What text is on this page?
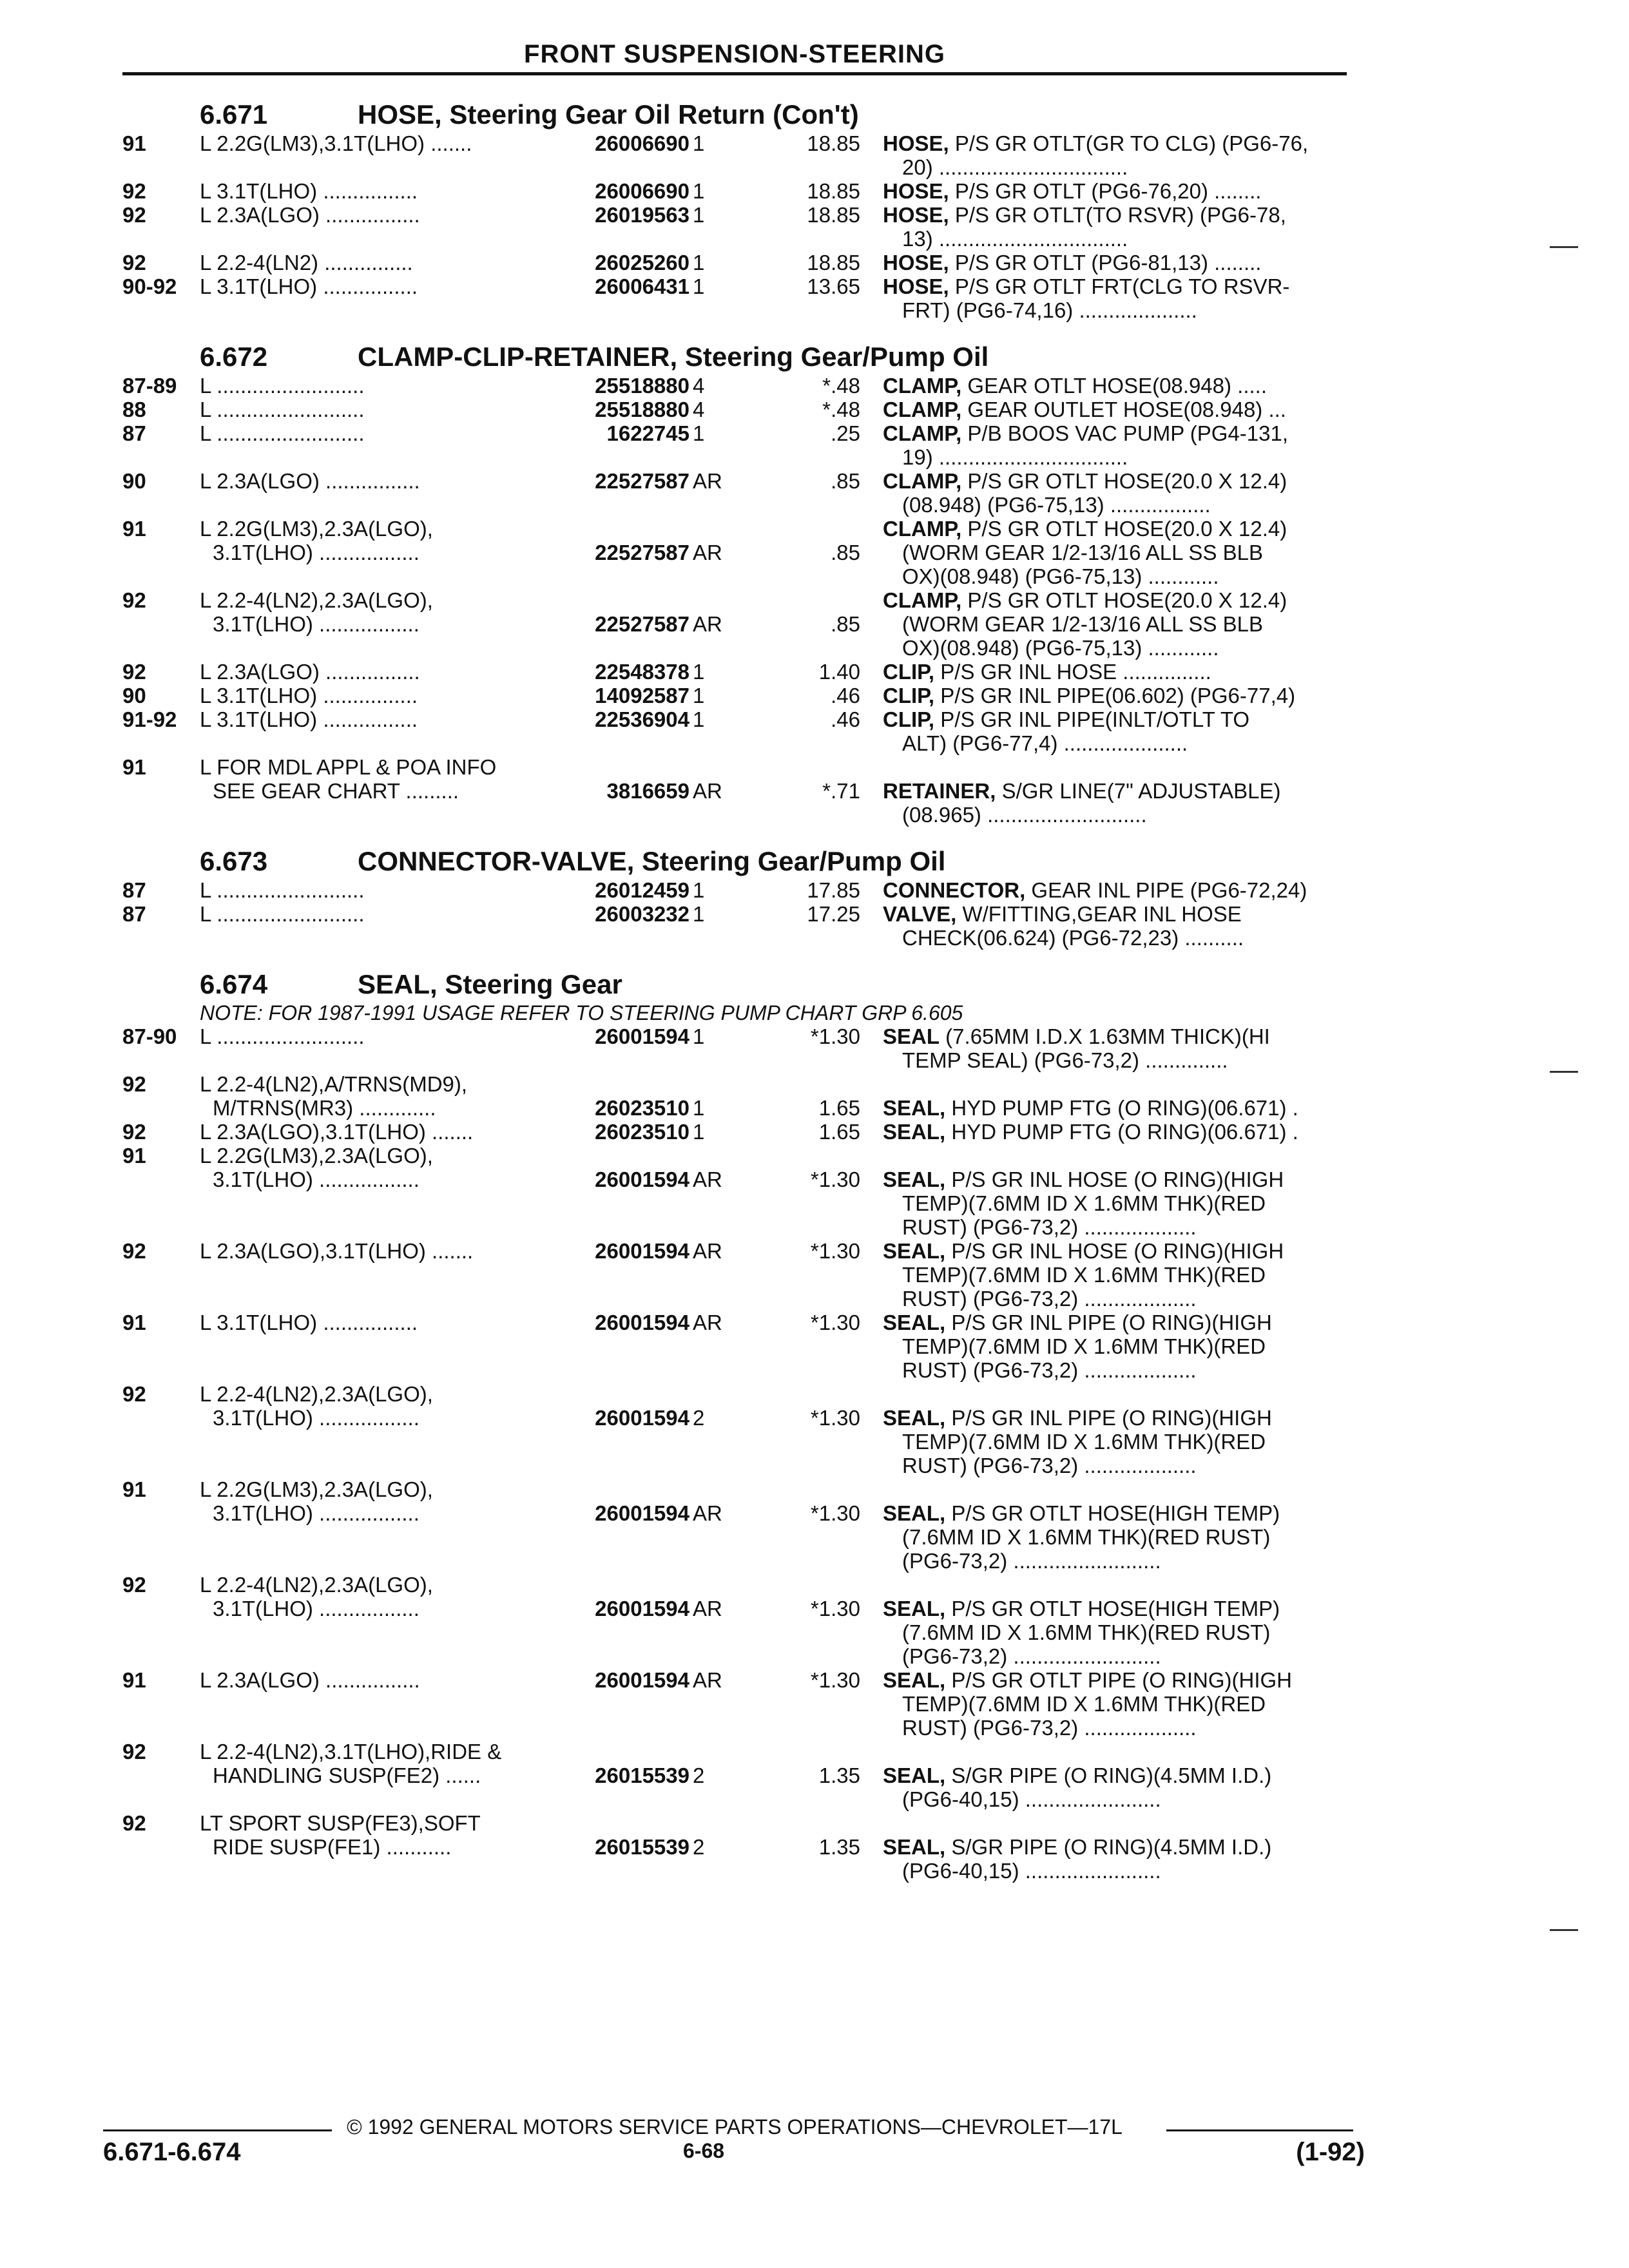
FRONT SUSPENSION-STEERING
6.671	HOSE, Steering Gear Oil Return (Con't)
91	L 2.2G(LM3),3.1T(LHO) .......	26006690 1	18.85 HOSE, P/S GR OTLT(GR TO CLG) (PG6-76,
20) ................................
92	L 3.1T(LHO) ................	26006690 1	18.85 HOSE, P/S GR OTLT (PG6-76,20) ........
92	L 2.3A(LGO) ................	26019563 1	18.85 HOSE, P/S GR OTLT(TO RSVR) (PG6-78,
13) ................................
92	L 2.2-4(LN2) ...............	26025260 1	18.85 HOSE, P/S GR OTLT (PG6-81,13) ........
90-92	L 3.1T(LHO) ................	26006431 1	13.65 HOSE, P/S GR OTLT FRT(CLG TO RSVR-
FRT) (PG6-74,16) ....................
6.672	CLAMP-CLIP-RETAINER, Steering Gear/Pump Oil
87-89	L .........................	25518880 4	*.48 CLAMP, GEAR OTLT HOSE(08.948) .....
88	L .........................	25518880 4	*.48 CLAMP, GEAR OUTLET HOSE(08.948) ...
87	L .........................	1622745 1	.25 CLAMP, P/B BOOS VAC PUMP (PG4-131,
19) ................................
90	L 2.3A(LGO) ................	22527587 AR	.85 CLAMP, P/S GR OTLT HOSE(20.0 X 12.4)
(08.948) (PG6-75,13) .................
91	L 2.2G(LM3),2.3A(LGO),
3.1T(LHO) .................	22527587 AR	.85
CLAMP, P/S GR OTLT HOSE(20.0 X 12.4)
(WORM GEAR 1/2-13/16 ALL SS BLB
OX)(08.948) (PG6-75,13) ............
92	L 2.2-4(LN2),2.3A(LGO),
3.1T(LHO) .................	22527587 AR	.85
CLAMP, P/S GR OTLT HOSE(20.0 X 12.4)
(WORM GEAR 1/2-13/16 ALL SS BLB
OX)(08.948) (PG6-75,13) ............
92	L 2.3A(LGO) ................	22548378 1	1.40 CLIP, P/S GR INL HOSE ...............
90	L 3.1T(LHO) ................	14092587 1	.46 CLIP, P/S GR INL PIPE(06.602) (PG6-77,4)
91-92	L 3.1T(LHO) ................	22536904 1	.46 CLIP, P/S GR INL PIPE(INLT/OTLT TO
ALT) (PG6-77,4) .....................
91	L FOR MDL APPL & POA INFO
SEE GEAR CHART .........	3816659 AR	*.71 RETAINER, S/GR LINE(7" ADJUSTABLE)
(08.965) ...........................
6.673	CONNECTOR-VALVE, Steering Gear/Pump Oil
87	L .........................	26012459 1	17.85 CONNECTOR, GEAR INL PIPE (PG6-72,24)
87	L .........................	26003232 1	17.25 VALVE, W/FITTING,GEAR INL HOSE
CHECK(06.624) (PG6-72,23) ..........
6.674	SEAL, Steering Gear
NOTE: FOR 1987-1991 USAGE REFER TO STEERING PUMP CHART GRP 6.605
87-90	L .........................	26001594 1	*1.30 SEAL (7.65MM I.D.X 1.63MM THICK)(HI
TEMP SEAL) (PG6-73,2) ..............
92	L 2.2-4(LN2),A/TRNS(MD9),
M/TRNS(MR3) .............	26023510 1	1.65 SEAL, HYD PUMP FTG (O RING)(06.671) .
92	L 2.3A(LGO),3.1T(LHO) .......	26023510 1	1.65 SEAL, HYD PUMP FTG (O RING)(06.671) .
91	L 2.2G(LM3),2.3A(LGO),
3.1T(LHO) .................	26001594 AR	*1.30 SEAL, P/S GR INL HOSE (O RING)(HIGH
TEMP)(7.6MM ID X 1.6MM THK)(RED
RUST) (PG6-73,2) ...................
92	L 2.3A(LGO),3.1T(LHO) .......	26001594 AR	*1.30 SEAL, P/S GR INL HOSE (O RING)(HIGH
TEMP)(7.6MM ID X 1.6MM THK)(RED
RUST) (PG6-73,2) ...................
91	L 3.1T(LHO) ................	26001594 AR	*1.30 SEAL, P/S GR INL PIPE (O RING)(HIGH
TEMP)(7.6MM ID X 1.6MM THK)(RED
RUST) (PG6-73,2) ...................
92	L 2.2-4(LN2),2.3A(LGO),
3.1T(LHO) .................	26001594 2	*1.30 SEAL, P/S GR INL PIPE (O RING)(HIGH
TEMP)(7.6MM ID X 1.6MM THK)(RED
RUST) (PG6-73,2) ...................
91	L 2.2G(LM3),2.3A(LGO),
3.1T(LHO) .................	26001594 AR	*1.30 SEAL, P/S GR OTLT HOSE(HIGH TEMP)
(7.6MM ID X 1.6MM THK)(RED RUST)
(PG6-73,2) .........................
92	L 2.2-4(LN2),2.3A(LGO),
3.1T(LHO) .................	26001594 AR	*1.30 SEAL, P/S GR OTLT HOSE(HIGH TEMP)
(7.6MM ID X 1.6MM THK)(RED RUST)
(PG6-73,2) .........................
91	L 2.3A(LGO) ................	26001594 AR	*1.30 SEAL, P/S GR OTLT PIPE (O RING)(HIGH
TEMP)(7.6MM ID X 1.6MM THK)(RED
RUST) (PG6-73,2) ...................
92	L 2.2-4(LN2),3.1T(LHO),RIDE &
HANDLING SUSP(FE2) ......	26015539 2	1.35 SEAL, S/GR PIPE (O RING)(4.5MM I.D.)
(PG6-40,15) .......................
92	LT SPORT SUSP(FE3),SOFT
RIDE SUSP(FE1) ...........	26015539 2	1.35 SEAL, S/GR PIPE (O RING)(4.5MM I.D.)
(PG6-40,15) .......................
© 1992 GENERAL MOTORS SERVICE PARTS OPERATIONS—CHEVROLET—17L
6.671-6.674	6-68	(1-92)
